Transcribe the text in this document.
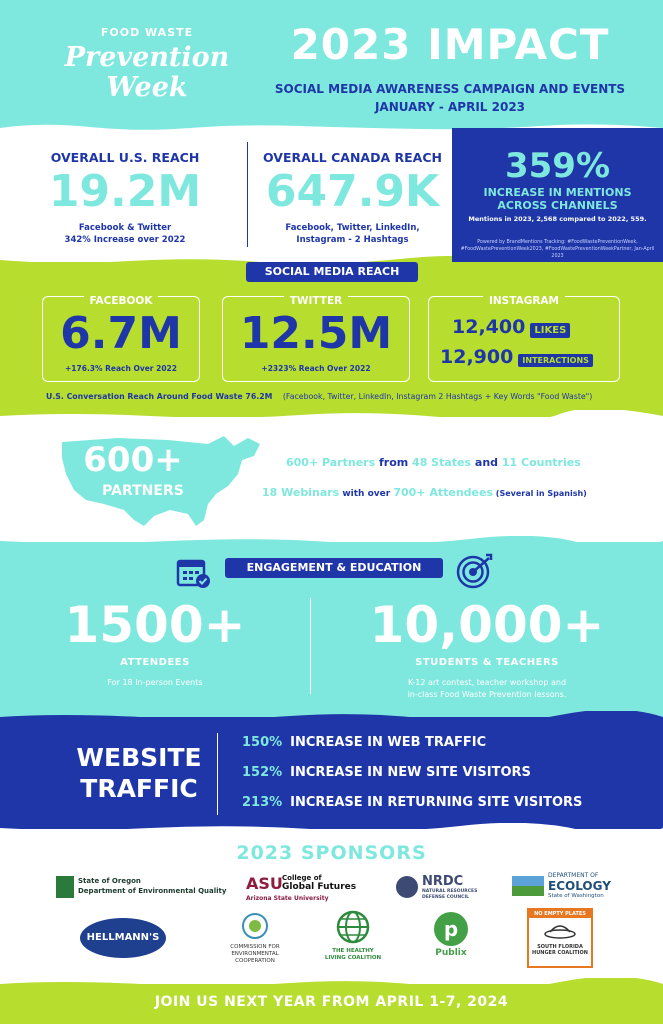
FOOD WASTE
Prevention
Week
2023 IMPACT
SOCIAL MEDIA AWARENESS CAMPAIGN AND EVENTS
JANUARY - APRIL 2023
OVERALL U.S. REACH
19.2M
Facebook & Twitter
342% Increase over 2022
OVERALL CANADA REACH
647.9K
Facebook, Twitter, LinkedIn,
Instagram - 2 Hashtags
359%
INCREASE IN MENTIONS
ACROSS CHANNELS
Mentions in 2023, 2,568 compared to 2022, 559.
Powered by BrandMentions Tracking: #FoodWastePreventionWeek,
#FoodWastePreventionWeek2023, #FoodWastePreventionWeekPartner, Jan-April 2023
SOCIAL MEDIA REACH
FACEBOOK
6.7M
+176.3% Reach Over 2022
TWITTER
12.5M
+2323% Reach Over 2022
INSTAGRAM
12,400 LIKES
12,900 INTERACTIONS
U.S. Conversation Reach Around Food Waste 76.2M (Facebook, Twitter, LinkedIn, Instagram 2 Hashtags + Key Words "Food Waste")
600+
PARTNERS
600+ Partners from 48 States and 11 Countries
18 Webinars with over 700+ Attendees (Several in Spanish)
ENGAGEMENT & EDUCATION
1500+
ATTENDEES
For 18 In-person Events
10,000+
STUDENTS & TEACHERS
K-12 art contest, teacher workshop and
in-class Food Waste Prevention lessons.
WEBSITE
TRAFFIC
150% INCREASE IN WEB TRAFFIC
152% INCREASE IN NEW SITE VISITORS
213% INCREASE IN RETURNING SITE VISITORS
2023 SPONSORS
State of Oregon
Department of Environmental Quality ASU College of
Global Futures
Arizona State University
NRDC
NATURAL RESOURCES DEFENSE COUNCIL
DEPARTMENT OF
ECOLOGY
State of Washington
HELLMANN'S
COMMISSION FOR
ENVIRONMENTAL
COOPERATION
THE HEALTHY
LIVING COALITION
p
Publix
NO EMPTY PLATES
SOUTH FLORIDA
HUNGER COALITION
JOIN US NEXT YEAR FROM APRIL 1-7, 2024
